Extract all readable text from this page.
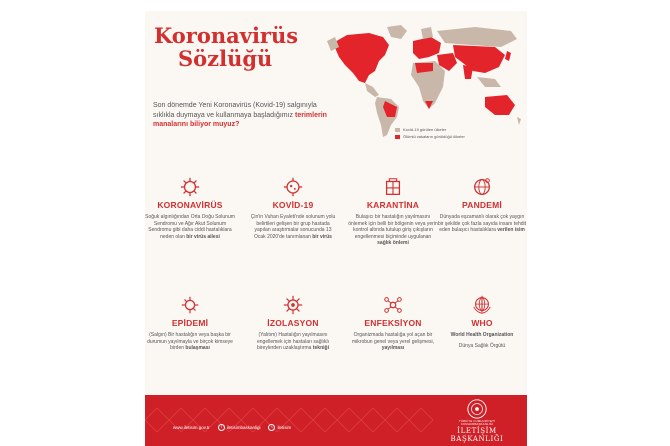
Koronavirüs
Sözlüğü

Son dönemde Yeni Koronavirüs (Kovid-19) salgınıyla sıklıkla duymaya ve kullanmaya başladığımız terimlerin manalarını biliyor muyuz?

Kovid-19 görülen ülkeler
Ölümlü vakaların görüldüğü ülkeler
KORONAVİRÜS

Soğuk algınlığından Orta Doğu Solunum Sendromu ve Ağır Akut Solunum Sendromu gibi daha ciddi hastalıklara neden olan bir virüs ailesi

KOVİD-19

Çin'in Vuhan Eyaleti'nde solunum yolu belirtileri gelişen bir grup hastada yapılan araştırmalar sonucunda 13 Ocak 2020'de tanımlanan bir virüs

KARANTİNA

Bulaşıcı bir hastalığın yayılmasını önlemek için belli bir bölgenin veya yerin kontrol altında tutulup giriş çıkışların engellenmesi biçiminde uygulanan sağlık önlemi

PANDEMİ

Dünyada eşzamanlı olarak çok yaygın bir şekilde çok fazla sayıda insanı tehdit eden bulaşıcı hastalıklara verilen isim

EPİDEMİ

(Salgın) Bir hastalığın veya başka bir durumun yayılmayla ve birçok kimseye birden bulaşması

İZOLASYON

(Yalıtım) Hastalığın yayılmasını engellemek için hastaları sağlıklı bireylerden uzaklaştırma tekniği

ENFEKSİYON

Organizmada hastalığa yol açan bir mikrobun genel veya yerel gelişmesi, yayılması

WHO

World Health Organization
Dünya Sağlık Örgütü

www.iletisim.gov.tr	f	iletisimbaskanligi	t	iletisim
TÜRKİYE CUMHURİYETİ
CUMHURBAŞKANLIĞI
İLETİŞİM
BAŞKANLIĞI
